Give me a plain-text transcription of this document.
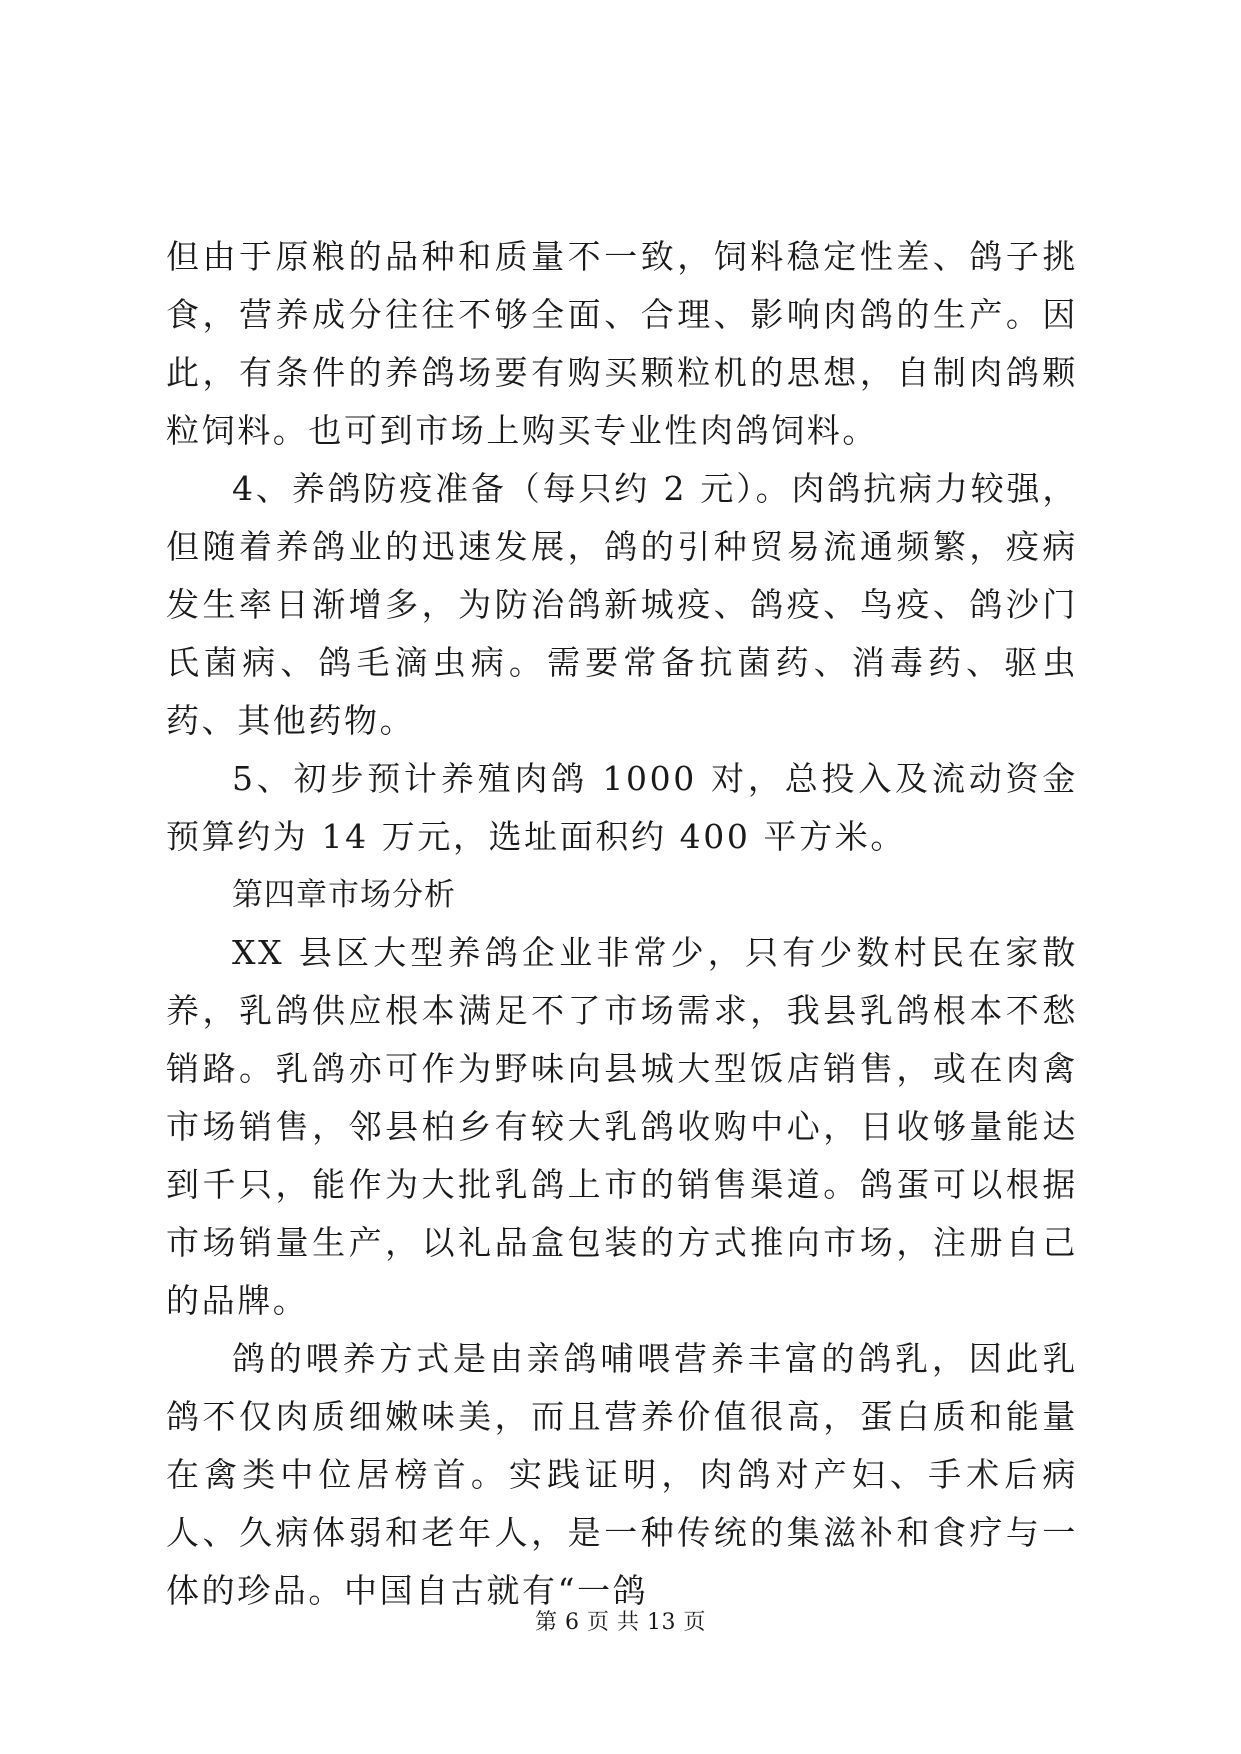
但由于原粮的品种和质量不一致，饲料稳定性差、鸽子挑食，营养成分往往不够全面、合理、影响肉鸽的生产。因此，有条件的养鸽场要有购买颗粒机的思想，自制肉鸽颗粒饲料。也可到市场上购买专业性肉鸽饲料。

4、养鸽防疫准备（每只约 2 元）。肉鸽抗病力较强，但随着养鸽业的迅速发展，鸽的引种贸易流通频繁，疫病发生率日渐增多，为防治鸽新城疫、鸽疫、鸟疫、鸽沙门氏菌病、鸽毛滴虫病。需要常备抗菌药、消毒药、驱虫药、其他药物。

5、初步预计养殖肉鸽 1000 对，总投入及流动资金预算约为 14 万元，选址面积约 400 平方米。

第四章市场分析

XX 县区大型养鸽企业非常少，只有少数村民在家散养，乳鸽供应根本满足不了市场需求，我县乳鸽根本不愁销路。乳鸽亦可作为野味向县城大型饭店销售，或在肉禽市场销售，邻县柏乡有较大乳鸽收购中心，日收够量能达到千只，能作为大批乳鸽上市的销售渠道。鸽蛋可以根据市场销量生产，以礼品盒包装的方式推向市场，注册自己的品牌。

鸽的喂养方式是由亲鸽哺喂营养丰富的鸽乳，因此乳鸽不仅肉质细嫩味美，而且营养价值很高，蛋白质和能量在禽类中位居榜首。实践证明，肉鸽对产妇、手术后病人、久病体弱和老年人，是一种传统的集滋补和食疗与一体的珍品。中国自古就有“一鸽

第 6 页 共 13 页
